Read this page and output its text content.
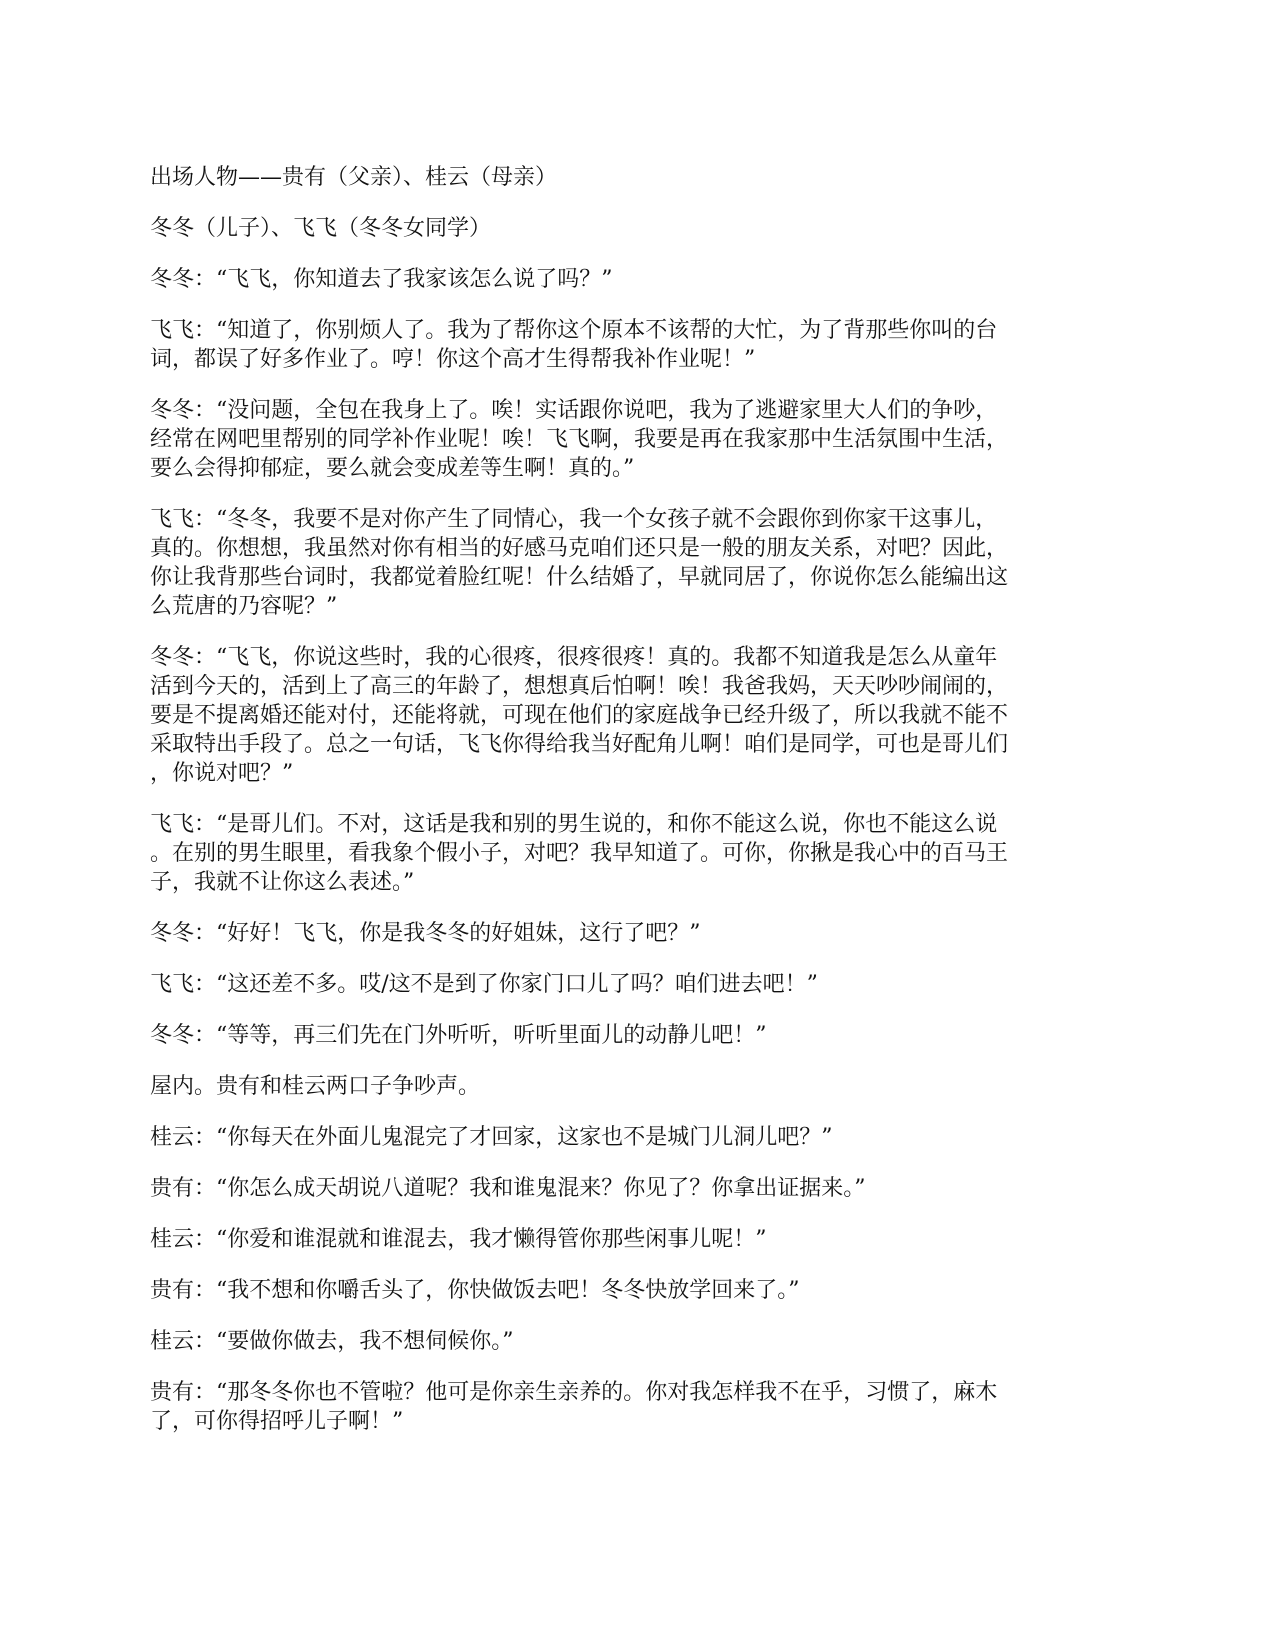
出场人物——贵有（父亲）、桂云（母亲）

冬冬（儿子）、飞飞（冬冬女同学）

冬冬：“飞飞，你知道去了我家该怎么说了吗？”

飞飞：“知道了，你别烦人了。我为了帮你这个原本不该帮的大忙，为了背那些你叫的台
词，都误了好多作业了。哼！你这个高才生得帮我补作业呢！”

冬冬：“没问题，全包在我身上了。唉！实话跟你说吧，我为了逃避家里大人们的争吵，
经常在网吧里帮别的同学补作业呢！唉！飞飞啊，我要是再在我家那中生活氛围中生活，
要么会得抑郁症，要么就会变成差等生啊！真的。”

飞飞：“冬冬，我要不是对你产生了同情心，我一个女孩子就不会跟你到你家干这事儿，
真的。你想想，我虽然对你有相当的好感马克咱们还只是一般的朋友关系，对吧？因此，
你让我背那些台词时，我都觉着脸红呢！什么结婚了，早就同居了，你说你怎么能编出这
么荒唐的乃容呢？”

冬冬：“飞飞，你说这些时，我的心很疼，很疼很疼！真的。我都不知道我是怎么从童年
活到今天的，活到上了高三的年龄了，想想真后怕啊！唉！我爸我妈，天天吵吵闹闹的，
要是不提离婚还能对付，还能将就，可现在他们的家庭战争已经升级了，所以我就不能不
采取特出手段了。总之一句话，飞飞你得给我当好配角儿啊！咱们是同学，可也是哥儿们
，你说对吧？”

飞飞：“是哥儿们。不对，这话是我和别的男生说的，和你不能这么说，你也不能这么说
。在别的男生眼里，看我象个假小子，对吧？我早知道了。可你，你揪是我心中的百马王
子，我就不让你这么表述。”

冬冬：“好好！飞飞，你是我冬冬的好姐妹，这行了吧？”

飞飞：“这还差不多。哎/这不是到了你家门口儿了吗？咱们进去吧！”

冬冬：“等等，再三们先在门外听听，听听里面儿的动静儿吧！”

屋内。贵有和桂云两口子争吵声。

桂云：“你每天在外面儿鬼混完了才回家，这家也不是城门儿洞儿吧？”

贵有：“你怎么成天胡说八道呢？我和谁鬼混来？你见了？你拿出证据来。”

桂云：“你爱和谁混就和谁混去，我才懒得管你那些闲事儿呢！”

贵有：“我不想和你嚼舌头了，你快做饭去吧！冬冬快放学回来了。”

桂云：“要做你做去，我不想伺候你。”

贵有：“那冬冬你也不管啦？他可是你亲生亲养的。你对我怎样我不在乎，习惯了，麻木
了，可你得招呼儿子啊！”
